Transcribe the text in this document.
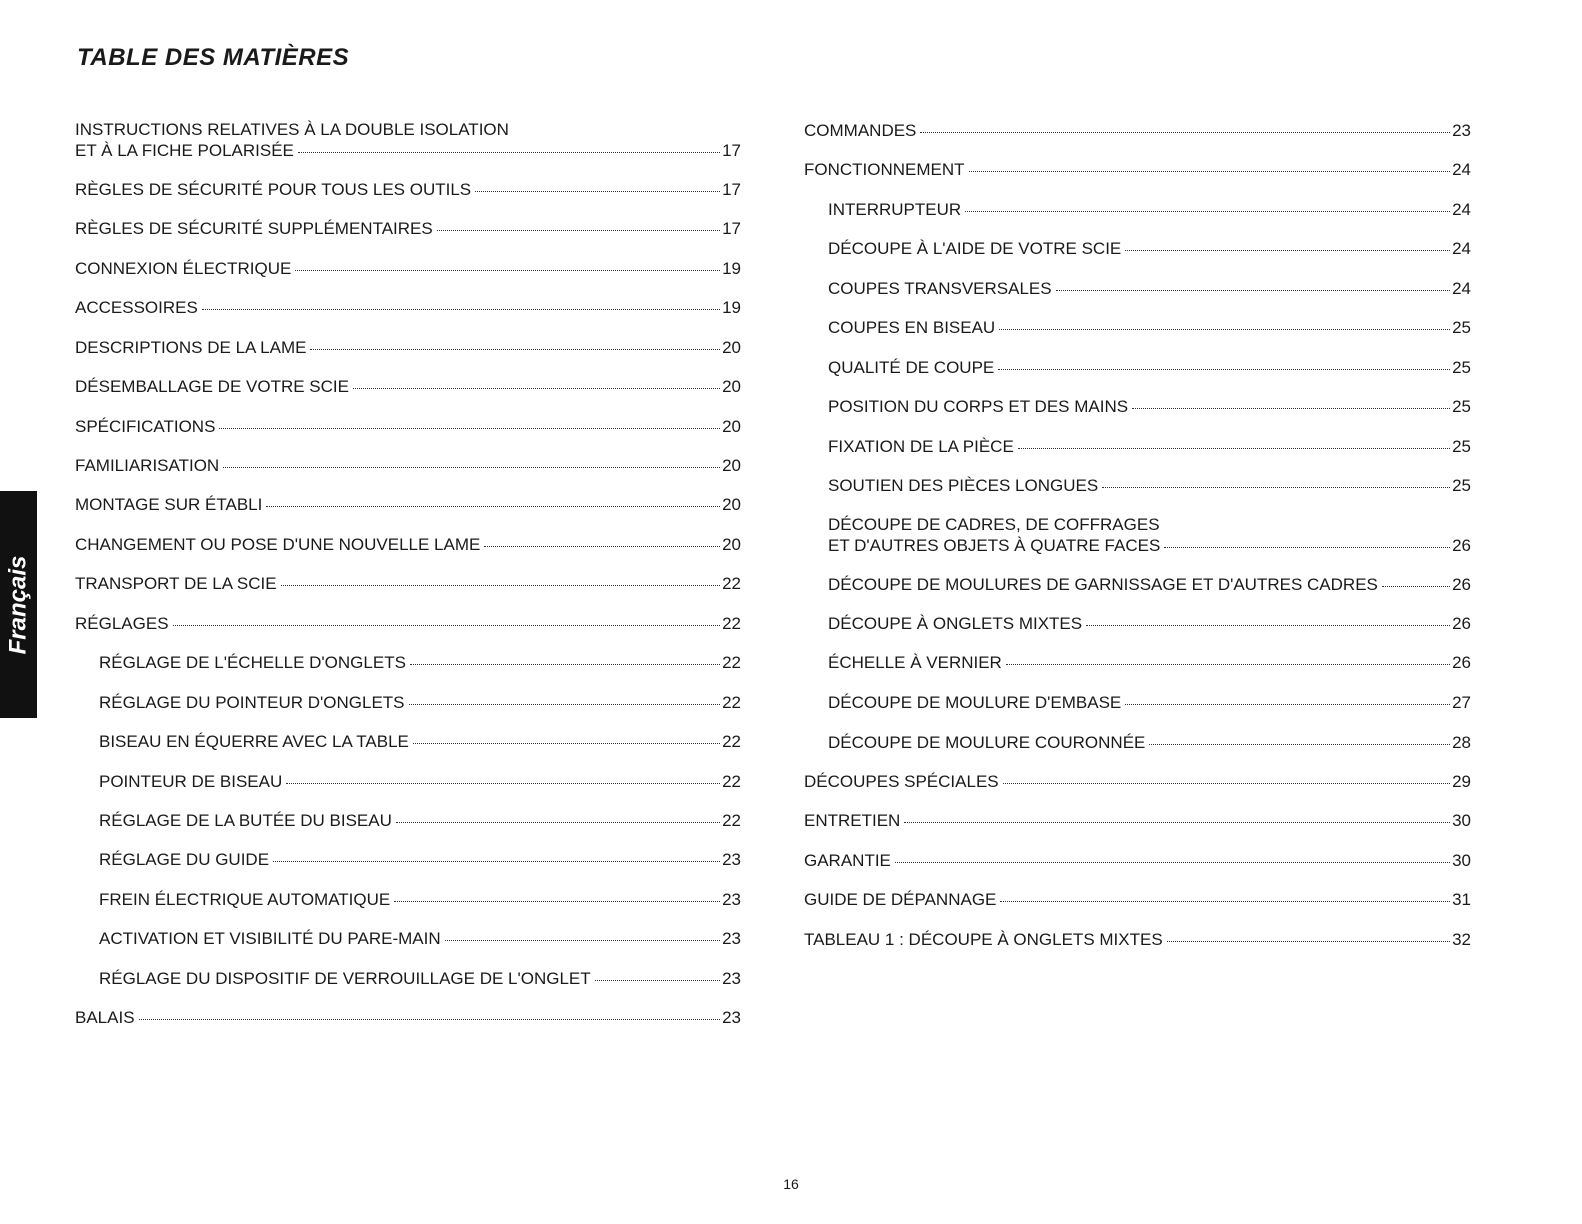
TABLE DES MATIÈRES
Français
INSTRUCTIONS RELATIVES À LA DOUBLE ISOLATION
ET À LA FICHE POLARISÉE	17
RÈGLES DE SÉCURITÉ POUR TOUS LES OUTILS	17
RÈGLES DE SÉCURITÉ SUPPLÉMENTAIRES	17
CONNEXION ÉLECTRIQUE	19
ACCESSOIRES	19
DESCRIPTIONS DE LA LAME	20
DÉSEMBALLAGE DE VOTRE SCIE	20
SPÉCIFICATIONS	20
FAMILIARISATION	20
MONTAGE SUR ÉTABLI	20
CHANGEMENT OU POSE D'UNE NOUVELLE LAME	20
TRANSPORT DE LA SCIE	22
RÉGLAGES	22
RÉGLAGE DE L'ÉCHELLE D'ONGLETS	22
RÉGLAGE DU POINTEUR D'ONGLETS	22
BISEAU EN ÉQUERRE AVEC LA TABLE	22
POINTEUR DE BISEAU	22
RÉGLAGE DE LA BUTÉE DU BISEAU	22
RÉGLAGE DU GUIDE	23
FREIN ÉLECTRIQUE AUTOMATIQUE	23
ACTIVATION ET VISIBILITÉ DU PARE-MAIN	23
RÉGLAGE DU DISPOSITIF DE VERROUILLAGE DE L'ONGLET	23
BALAIS	23
COMMANDES	23
FONCTIONNEMENT	24
INTERRUPTEUR	24
DÉCOUPE À L'AIDE DE VOTRE SCIE	24
COUPES TRANSVERSALES	24
COUPES EN BISEAU	25
QUALITÉ DE COUPE	25
POSITION DU CORPS ET DES MAINS	25
FIXATION DE LA PIÈCE	25
SOUTIEN DES PIÈCES LONGUES	25
DÉCOUPE DE CADRES, DE COFFRAGES
ET D'AUTRES OBJETS À QUATRE FACES	26
DÉCOUPE DE MOULURES DE GARNISSAGE ET D'AUTRES CADRES	26
DÉCOUPE À ONGLETS MIXTES	26
ÉCHELLE À VERNIER	26
DÉCOUPE DE MOULURE D'EMBASE	27
DÉCOUPE DE MOULURE COURONNÉE	28
DÉCOUPES SPÉCIALES	29
ENTRETIEN	30
GARANTIE	30
GUIDE DE DÉPANNAGE	31
TABLEAU 1 : DÉCOUPE À ONGLETS MIXTES	32
16
